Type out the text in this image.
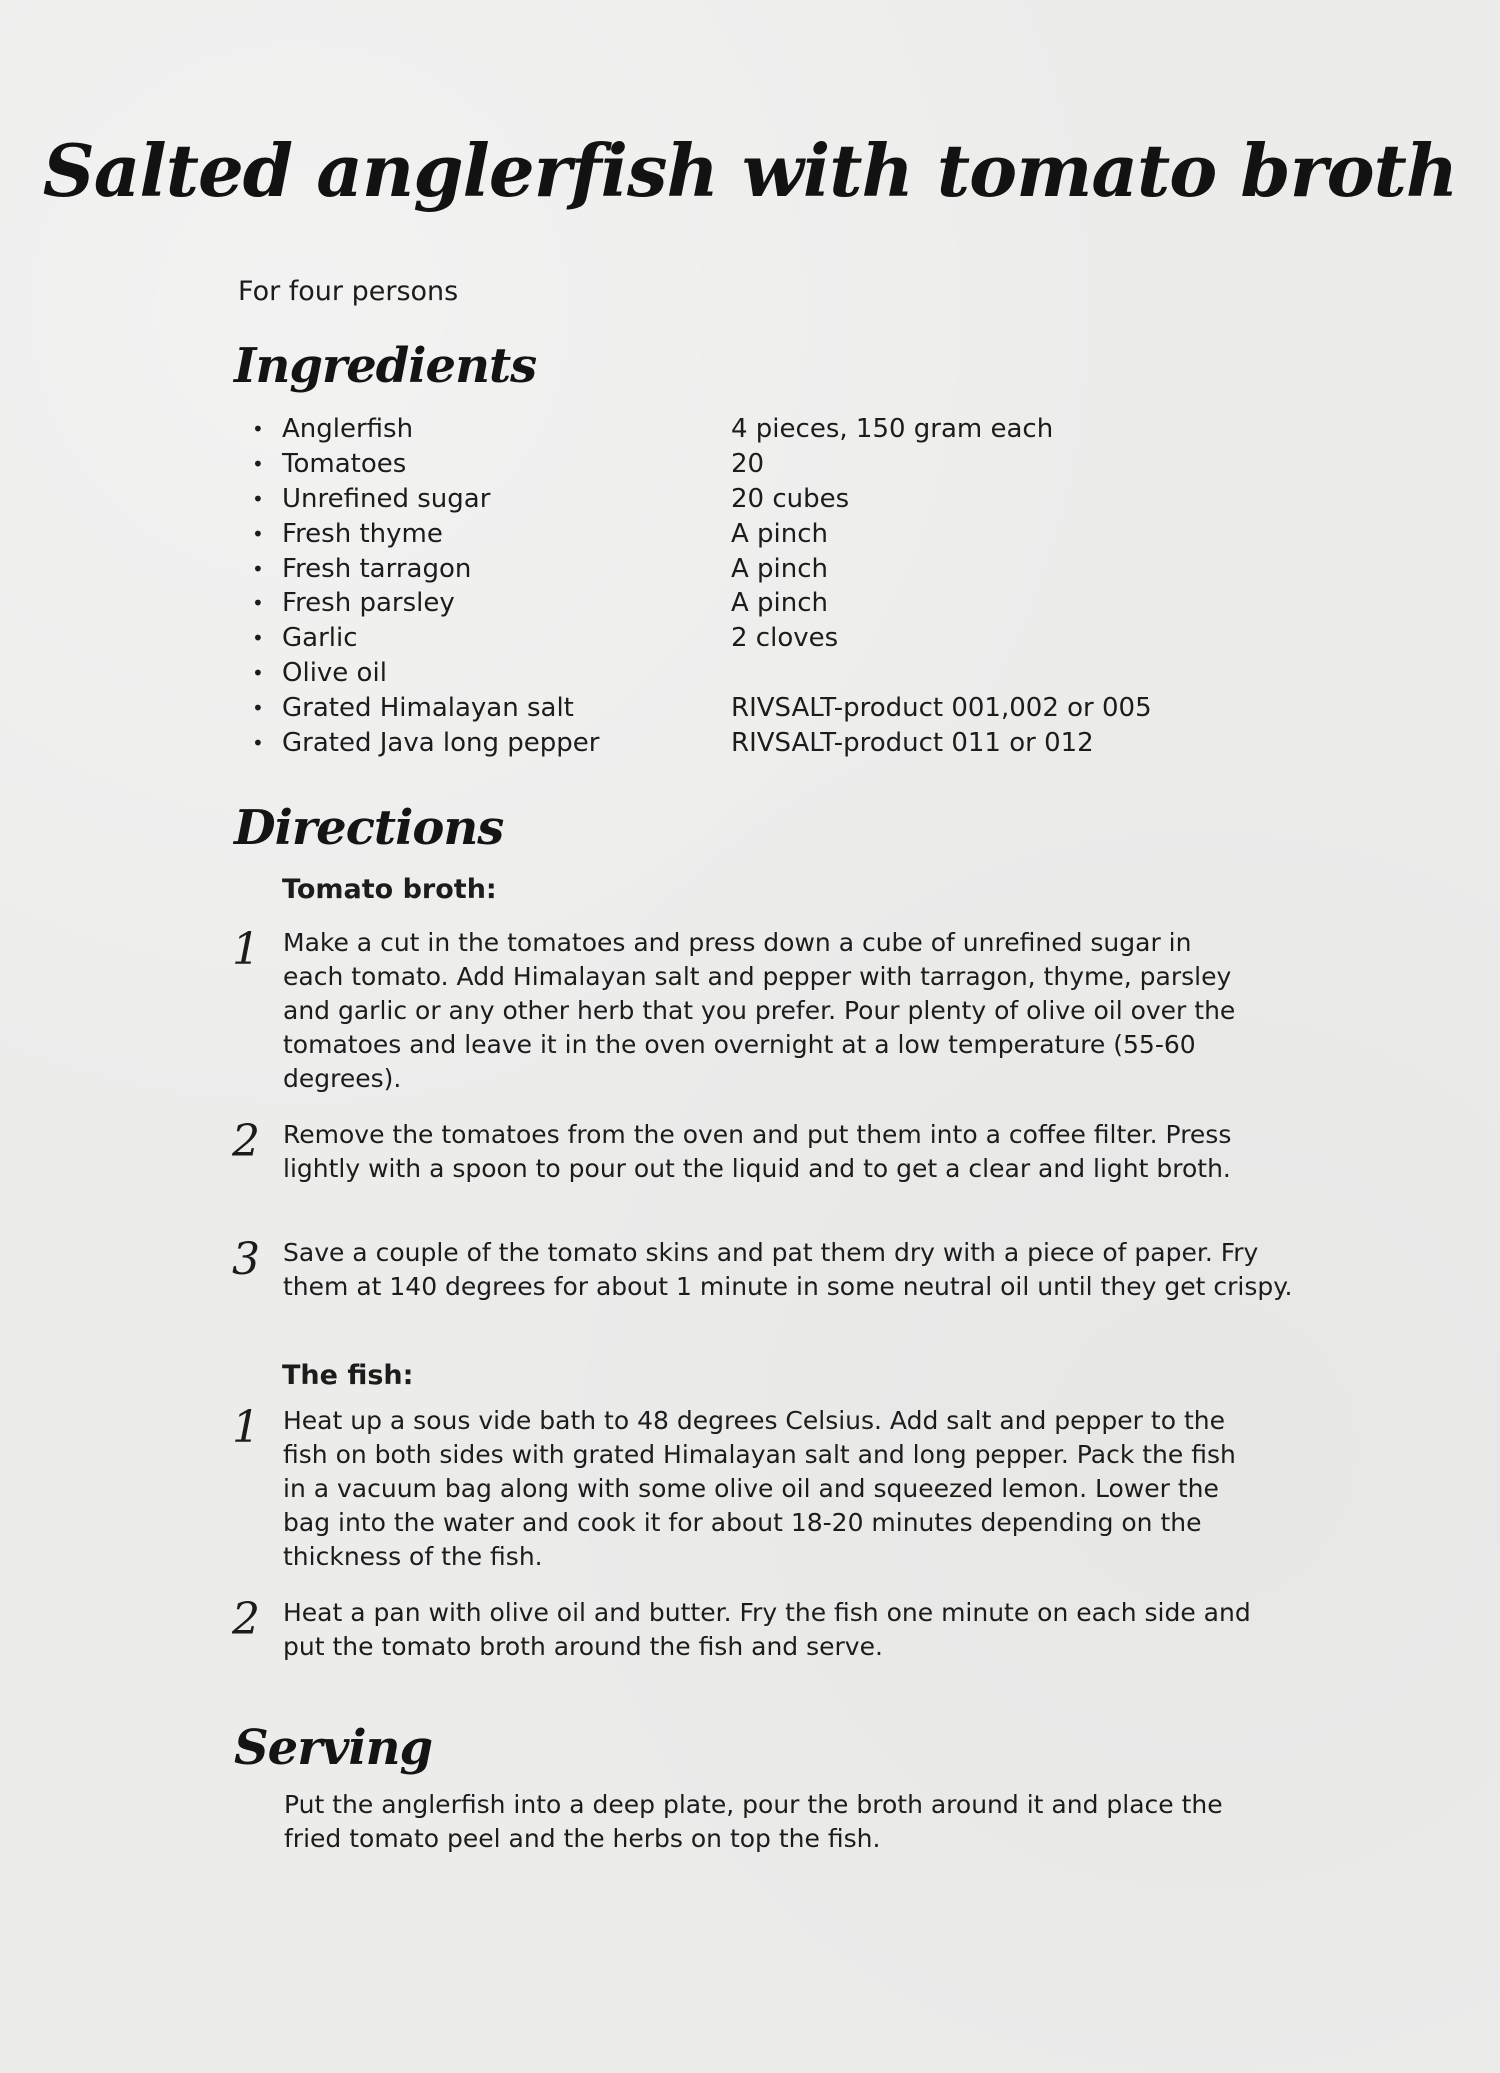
Salted anglerfish with tomato broth

For four persons

Ingredients
• Anglerfish	4 pieces, 150 gram each
• Tomatoes	20
• Unrefined sugar	20 cubes
• Fresh thyme	A pinch
• Fresh tarragon	A pinch
• Fresh parsley	A pinch
• Garlic	2 cloves
• Olive oil
• Grated Himalayan salt	RIVSALT-product 001,002 or 005
• Grated Java long pepper	RIVSALT-product 011 or 012
Directions
Tomato broth:
1 Make a cut in the tomatoes and press down a cube of unrefined sugar in
each tomato. Add Himalayan salt and pepper with tarragon, thyme, parsley
and garlic or any other herb that you prefer. Pour plenty of olive oil over the
tomatoes and leave it in the oven overnight at a low temperature (55-60
degrees).

2 Remove the tomatoes from the oven and put them into a coffee filter. Press
lightly with a spoon to pour out the liquid and to get a clear and light broth.

3 Save a couple of the tomato skins and pat them dry with a piece of paper. Fry
them at 140 degrees for about 1 minute in some neutral oil until they get crispy.

The fish:
1 Heat up a sous vide bath to 48 degrees Celsius. Add salt and pepper to the
fish on both sides with grated Himalayan salt and long pepper. Pack the fish
in a vacuum bag along with some olive oil and squeezed lemon. Lower the
bag into the water and cook it for about 18-20 minutes depending on the
thickness of the fish.

2 Heat a pan with olive oil and butter. Fry the fish one minute on each side and
put the tomato broth around the fish and serve.

Serving

Put the anglerfish into a deep plate, pour the broth around it and place the
fried tomato peel and the herbs on top the fish.
